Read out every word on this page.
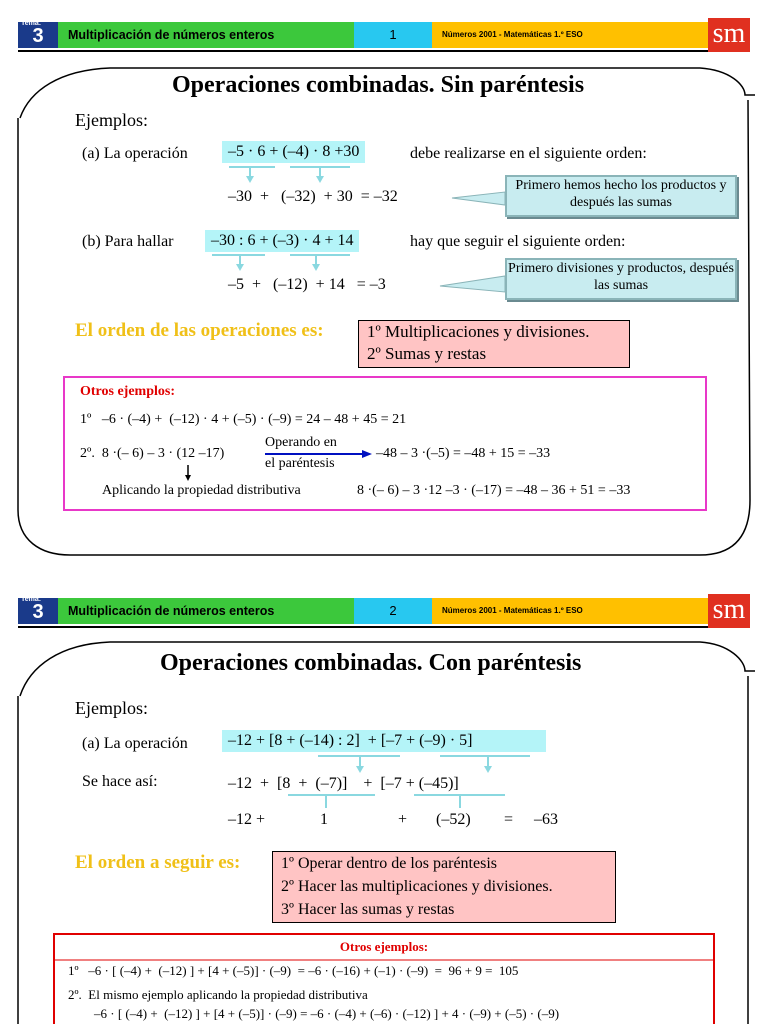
Tema:
3	Multiplicación de números enteros	1	Números 2001 - Matemáticas 1.º ESO	sm
Operaciones combinadas. Sin paréntesis
Ejemplos:
(a) La operación	–5 · 6 + (–4) · 8 +30	debe realizarse en el siguiente orden:
–30  +   (–32)  + 30  = –32
Primero hemos hecho los productos y después las sumas
(b) Para hallar	–30 : 6 + (–3) · 4 + 14	hay que seguir el siguiente orden:
–5  +   (–12)  + 14   = –3
Primero divisiones y productos, después las sumas
El orden de las operaciones es:	1º Multiplicaciones y divisiones.
2º Sumas y restas
Otros ejemplos:
1º   –6 · (–4) +  (–12) · 4 + (–5) · (–9) = 24 – 48 + 45 = 21
2º.  8 ·(– 6) – 3 · (12 –17)
Operando en
el paréntesis
–48 – 3 ·(–5) = –48 + 15 = –33
Aplicando la propiedad distributiva	8 ·(– 6) – 3 ·12 –3 · (–17) = –48 – 36 + 51 = –33
Tema:
3	Multiplicación de números enteros	2	Números 2001 - Matemáticas 1.º ESO	sm
Operaciones combinadas. Con paréntesis
Ejemplos:
(a) La operación	–12 + [8 + (–14) : 2]  + [–7 + (–9) · 5]
Se hace así:	–12  +  [8  +  (–7)]    +  [–7 + (–45)]
–12 +	1	+ (–52) = –63
El orden a seguir es:	1º Operar dentro de los paréntesis
2º Hacer las multiplicaciones y divisiones.
3º Hacer las sumas y restas
Otros ejemplos:
1º   –6 · [ (–4) +  (–12) ] + [4 + (–5)] · (–9)  = –6 · (–16) + (–1) · (–9)  =  96 + 9 =  105
2º.  El mismo ejemplo aplicando la propiedad distributiva
–6 · [ (–4) +  (–12) ] + [4 + (–5)] · (–9) = –6 · (–4) + (–6) · (–12) ] + 4 · (–9) + (–5) · (–9)
